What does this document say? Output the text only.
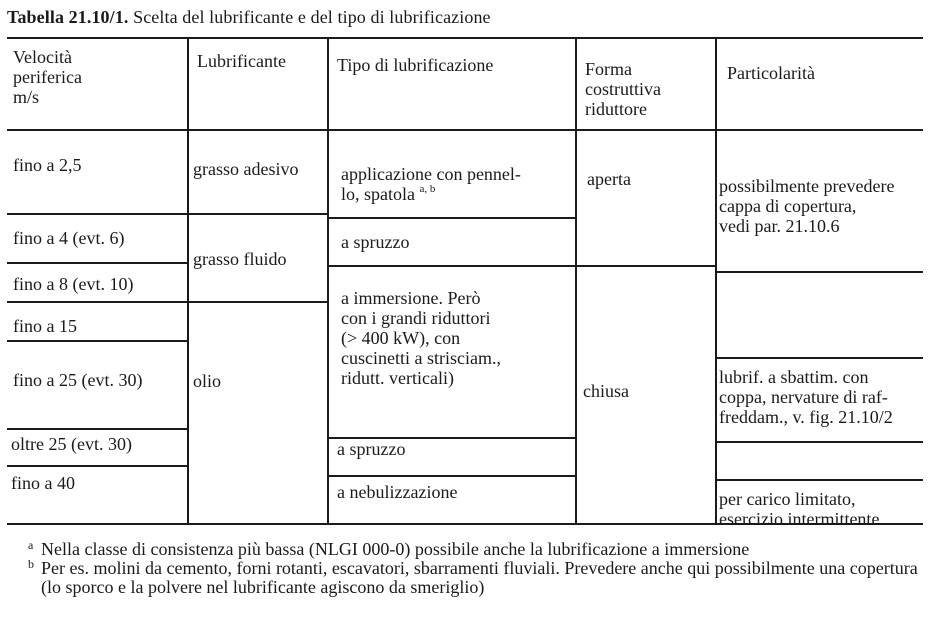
Tabella 21.10/1. Scelta del lubrificante e del tipo di lubrificazione
Velocità
periferica
m/s
Lubrificante	Tipo di lubrificazione	Forma
costruttiva
riduttore
Particolarità
fino a 2,5
fino a 4 (evt. 6)
fino a 8 (evt. 10)
fino a 15
fino a 25 (evt. 30)
oltre 25 (evt. 30)
fino a 40
grasso adesivo
grasso fluido
olio
applicazione con pennel-
lo, spatola $^{a, b}$
a spruzzo
a immersione. Però
con i grandi riduttori
(> 400 kW), con
cuscinetti a strisciam.,
ridutt. verticali)
a spruzzo
a nebulizzazione
aperta
chiusa
possibilmente prevedere
cappa di copertura,
vedi par. 21.10.6
lubrif. a sbattim. con
coppa, nervature di raf-
freddam., v. fig. 21.10/2
per carico limitato,
esercizio intermittente
a Nella classe di consistenza più bassa (NLGI 000-0) possibile anche la lubrificazione a immersione
b Per es. molini da cemento, forni rotanti, escavatori, sbarramenti fluviali. Prevedere anche qui possibilmente una copertura (lo sporco e la polvere nel lubrificante agiscono da smeriglio)
